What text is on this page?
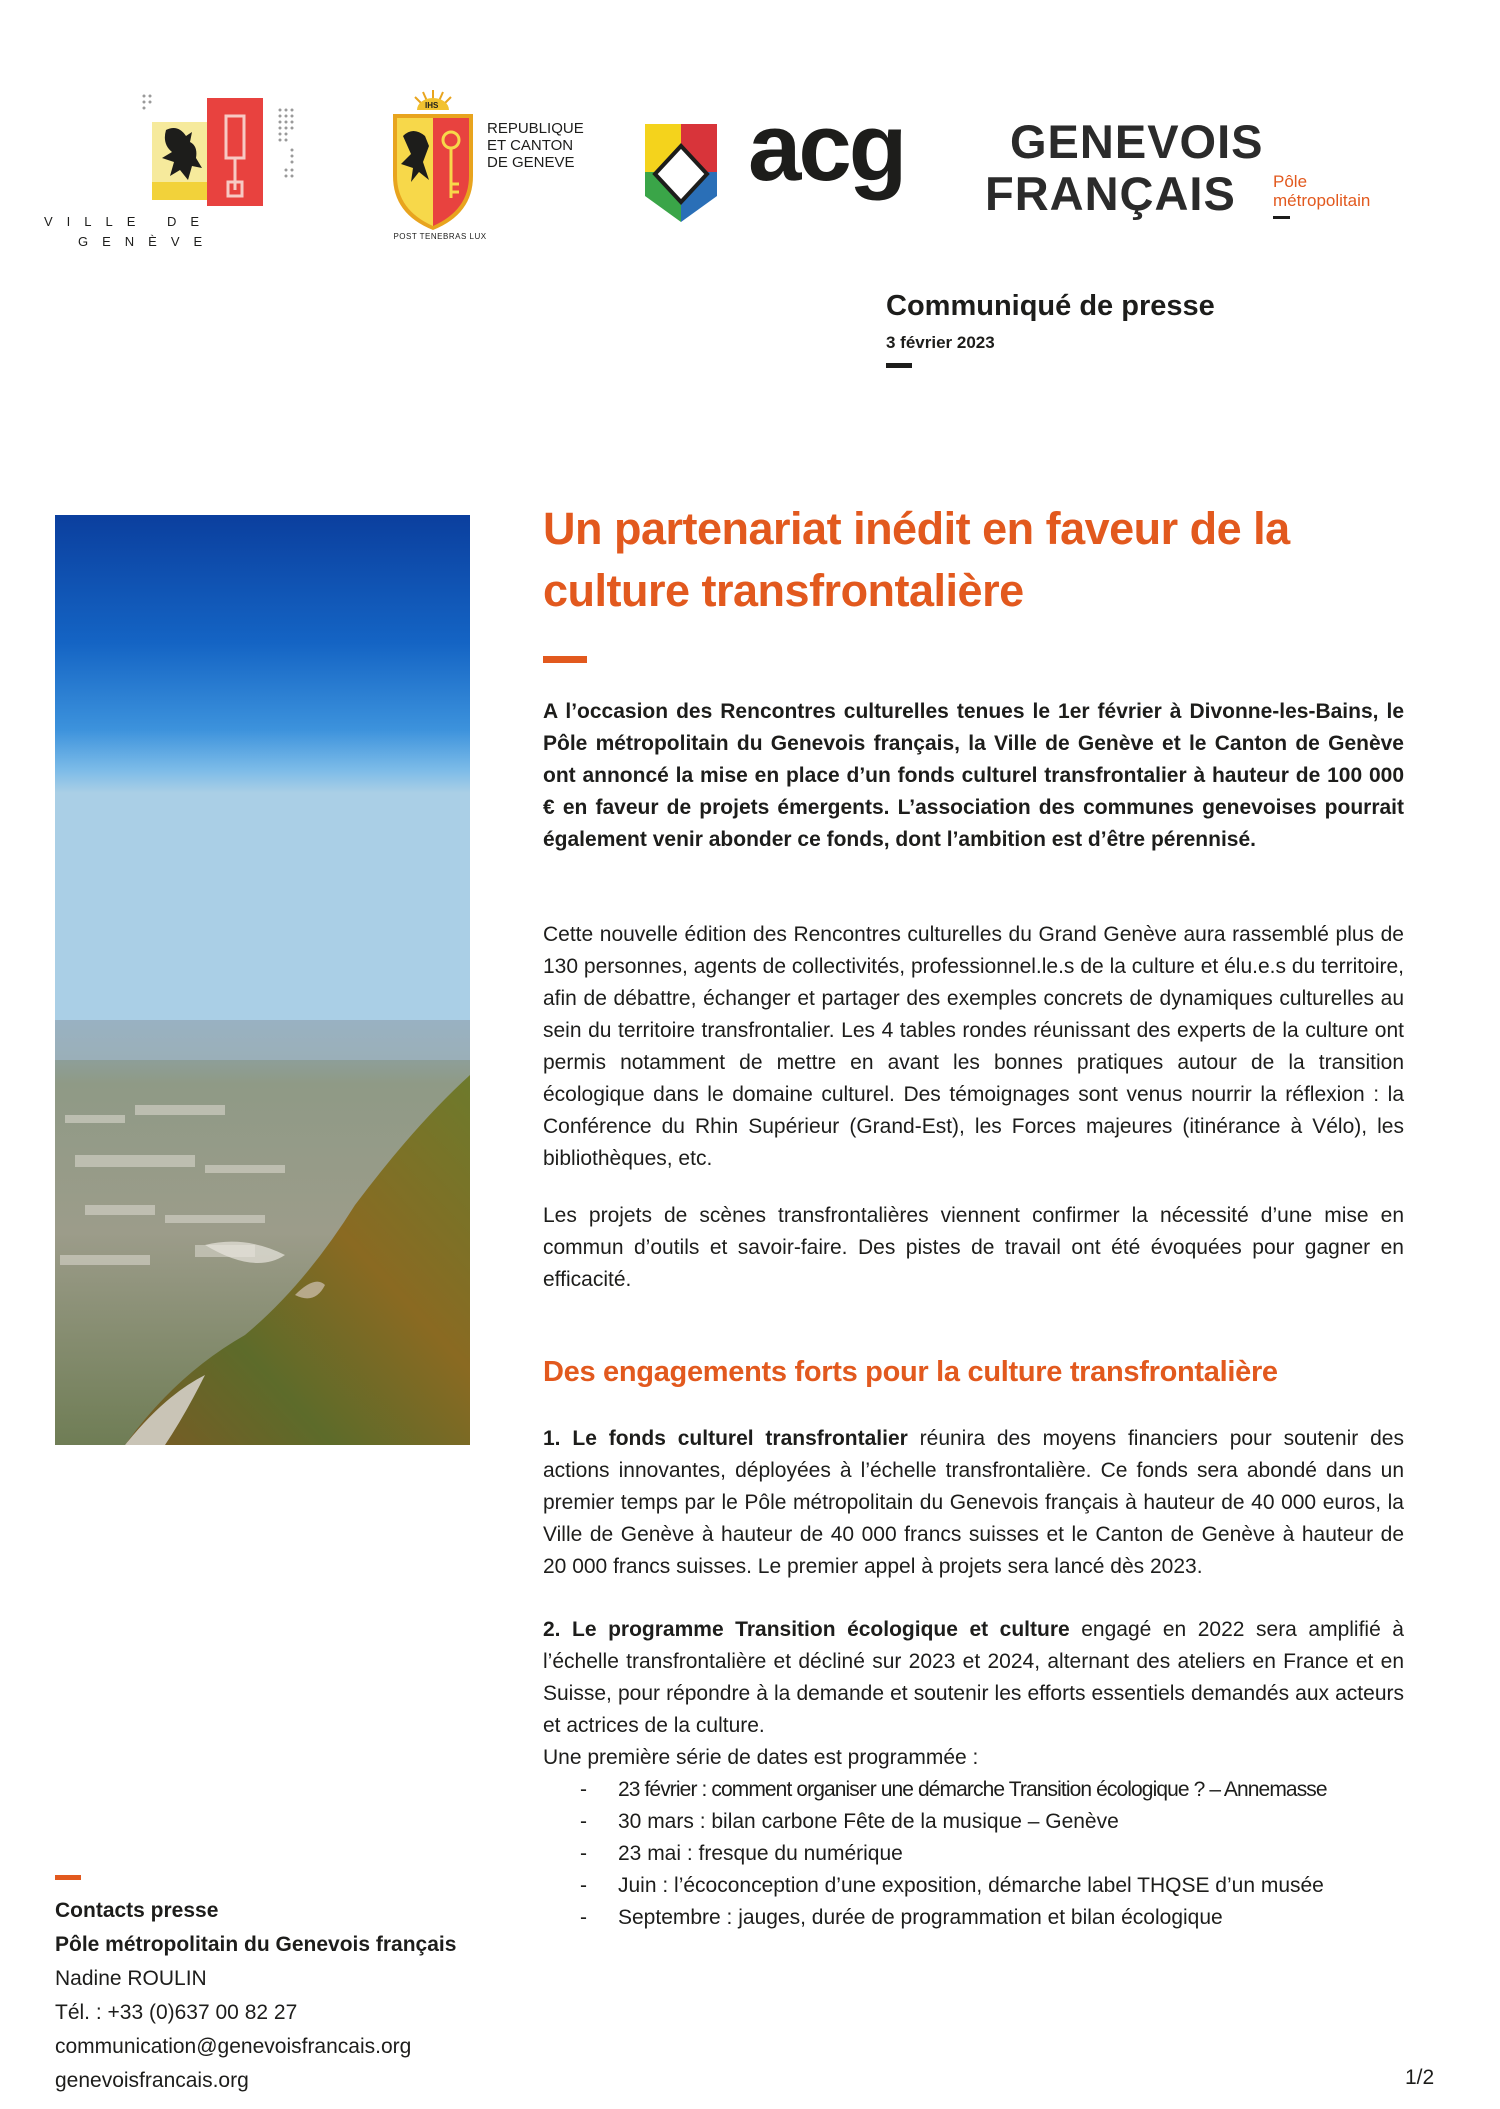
VILLE DE
GENÈVE
IHS
REPUBLIQUE
ET CANTON
DE GENEVE
POST TENEBRAS LUX
acg GENEVOIS
FRANÇAIS Pôle
métropolitain
Communiqué de presse
3 février 2023
Un partenariat inédit en faveur de la culture transfrontalière
A l’occasion des Rencontres culturelles tenues le 1er février à Divonne-les-Bains, le Pôle métropolitain du Genevois français, la Ville de Genève et le Canton de Genève ont annoncé la mise en place d’un fonds culturel transfrontalier à hauteur de 100 000 € en faveur de projets émergents. L’association des communes genevoises pourrait également venir abonder ce fonds, dont l’ambition est d’être pérennisé.
Cette nouvelle édition des Rencontres culturelles du Grand Genève aura rassemblé plus de 130 personnes, agents de collectivités, professionnel.le.s de la culture et élu.e.s du territoire, afin de débattre, échanger et partager des exemples concrets de dynamiques culturelles au sein du territoire transfrontalier. Les 4 tables rondes réunissant des experts de la culture ont permis notamment de mettre en avant les bonnes pratiques autour de la transition écologique dans le domaine culturel. Des témoignages sont venus nourrir la réflexion : la Conférence du Rhin Supérieur (Grand-Est), les Forces majeures (itinérance à Vélo), les bibliothèques, etc.
Les projets de scènes transfrontalières viennent confirmer la nécessité d’une mise en commun d’outils et savoir-faire. Des pistes de travail ont été évoquées pour gagner en efficacité.
Des engagements forts pour la culture transfrontalière
1. Le fonds culturel transfrontalier réunira des moyens financiers pour soutenir des actions innovantes, déployées à l’échelle transfrontalière. Ce fonds sera abondé dans un premier temps par le Pôle métropolitain du Genevois français à hauteur de 40 000 euros, la Ville de Genève à hauteur de 40 000 francs suisses et le Canton de Genève à hauteur de 20 000 francs suisses. Le premier appel à projets sera lancé dès 2023.
2. Le programme Transition écologique et culture engagé en 2022 sera amplifié à l’échelle transfrontalière et décliné sur 2023 et 2024, alternant des ateliers en France et en Suisse, pour répondre à la demande et soutenir les efforts essentiels demandés aux acteurs et actrices de la culture.
Une première série de dates est programmée :
- 23 février : comment organiser une démarche Transition écologique ? – Annemasse
- 30 mars : bilan carbone Fête de la musique – Genève
- 23 mai : fresque du numérique
- Juin : l’écoconception d’une exposition, démarche label THQSE d’un musée
- Septembre : jauges, durée de programmation et bilan écologique
Contacts presse
Pôle métropolitain du Genevois français
Nadine ROULIN
Tél. : +33 (0)637 00 82 27
communication@genevoisfrancais.org
genevoisfrancais.org	1/2
